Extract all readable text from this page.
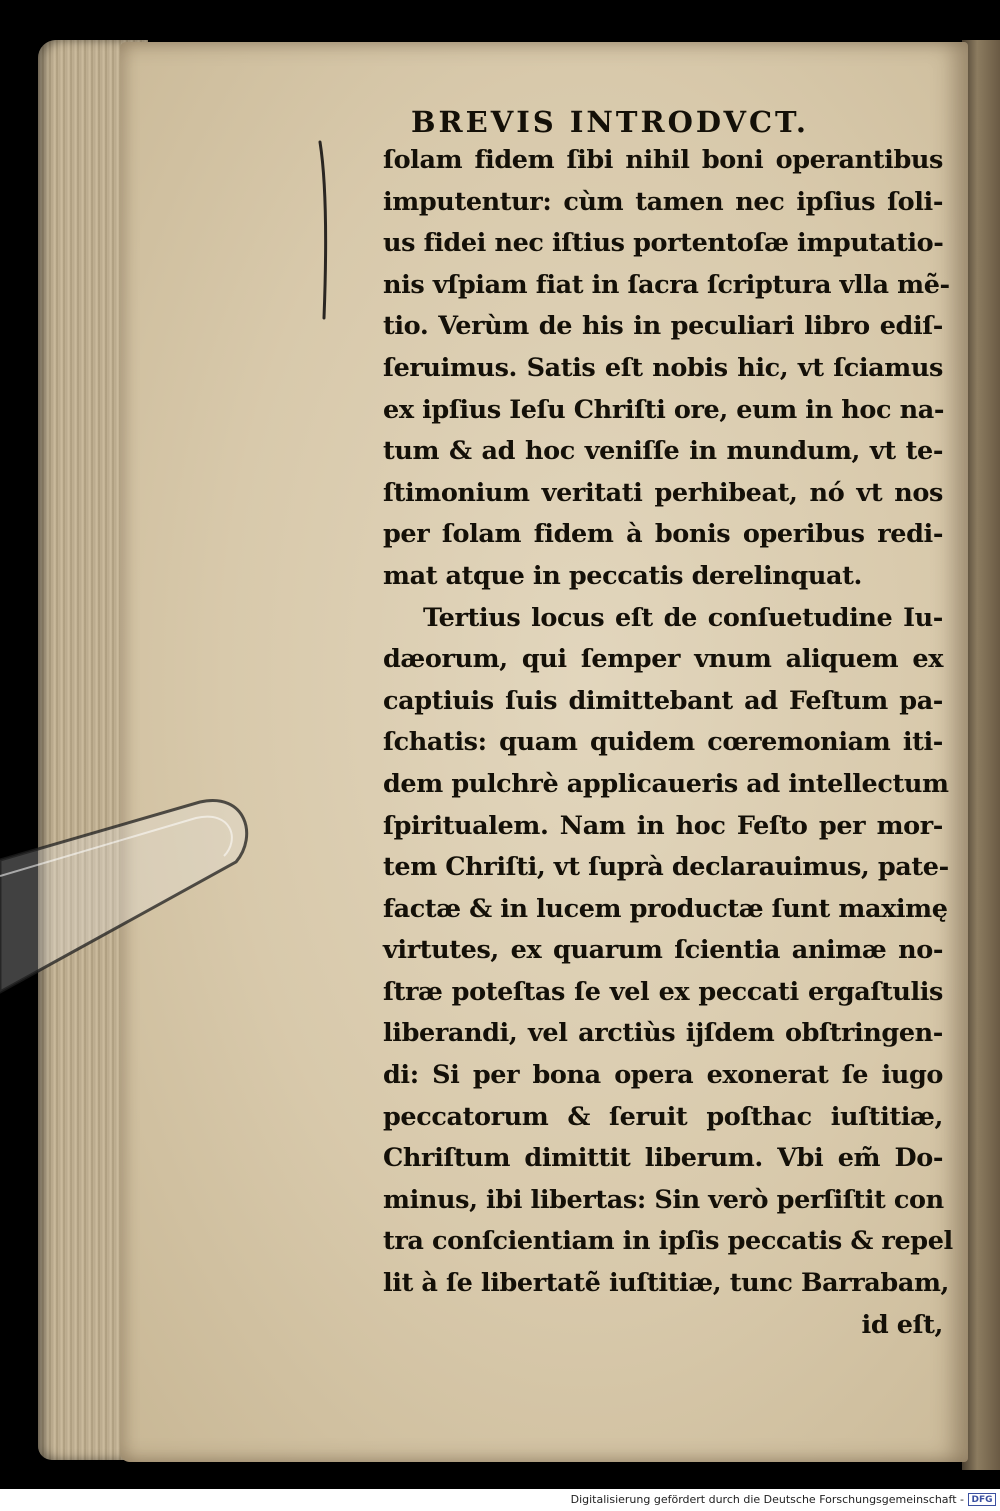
BREVIS INTRODVCT.
ſolam fidem ſibi nihil boni operantibus
imputentur: cùm tamen nec ipſius ſoli-
us fidei nec iſtius portentoſæ imputatio-
nis vſpiam fiat in ſacra ſcriptura vlla mẽ-
tio. Verùm de his in peculiari libro ediſ-
ſeruimus. Satis eſt nobis hic, vt ſciamus
ex ipſius Ieſu Chriſti ore, eum in hoc na-
tum & ad hoc veniſſe in mundum, vt te-
ſtimonium veritati perhibeat, nó vt nos
per ſolam fidem à bonis operibus redi-
mat atque in peccatis derelinquat.
Tertius locus eſt de conſuetudine Iu-
dæorum, qui ſemper vnum aliquem ex
captiuis ſuis dimittebant ad Feſtum pa-
ſchatis: quam quidem cœremoniam iti-
dem pulchrè applicaueris ad intellectum
ſpiritualem. Nam in hoc Feſto per mor-
tem Chriſti, vt ſuprà declarauimus, pate-
factæ & in lucem productæ ſunt maximę
virtutes, ex quarum ſcientia animæ no-
ſtræ poteſtas ſe vel ex peccati ergaſtulis
liberandi, vel arctiùs ijſdem obſtringen-
di: Si per bona opera exonerat ſe iugo
peccatorum & ſeruit poſthac iuſtitiæ,
Chriſtum dimittit liberum. Vbi em̃ Do-
minus, ibi libertas: Sin verò perſiſtit con
tra conſcientiam in ipſis peccatis & repel
lit à ſe libertatẽ iuſtitiæ, tunc Barrabam,
id eſt,
Digitalisierung gefördert durch die Deutsche Forschungsgemeinschaft - DFG
